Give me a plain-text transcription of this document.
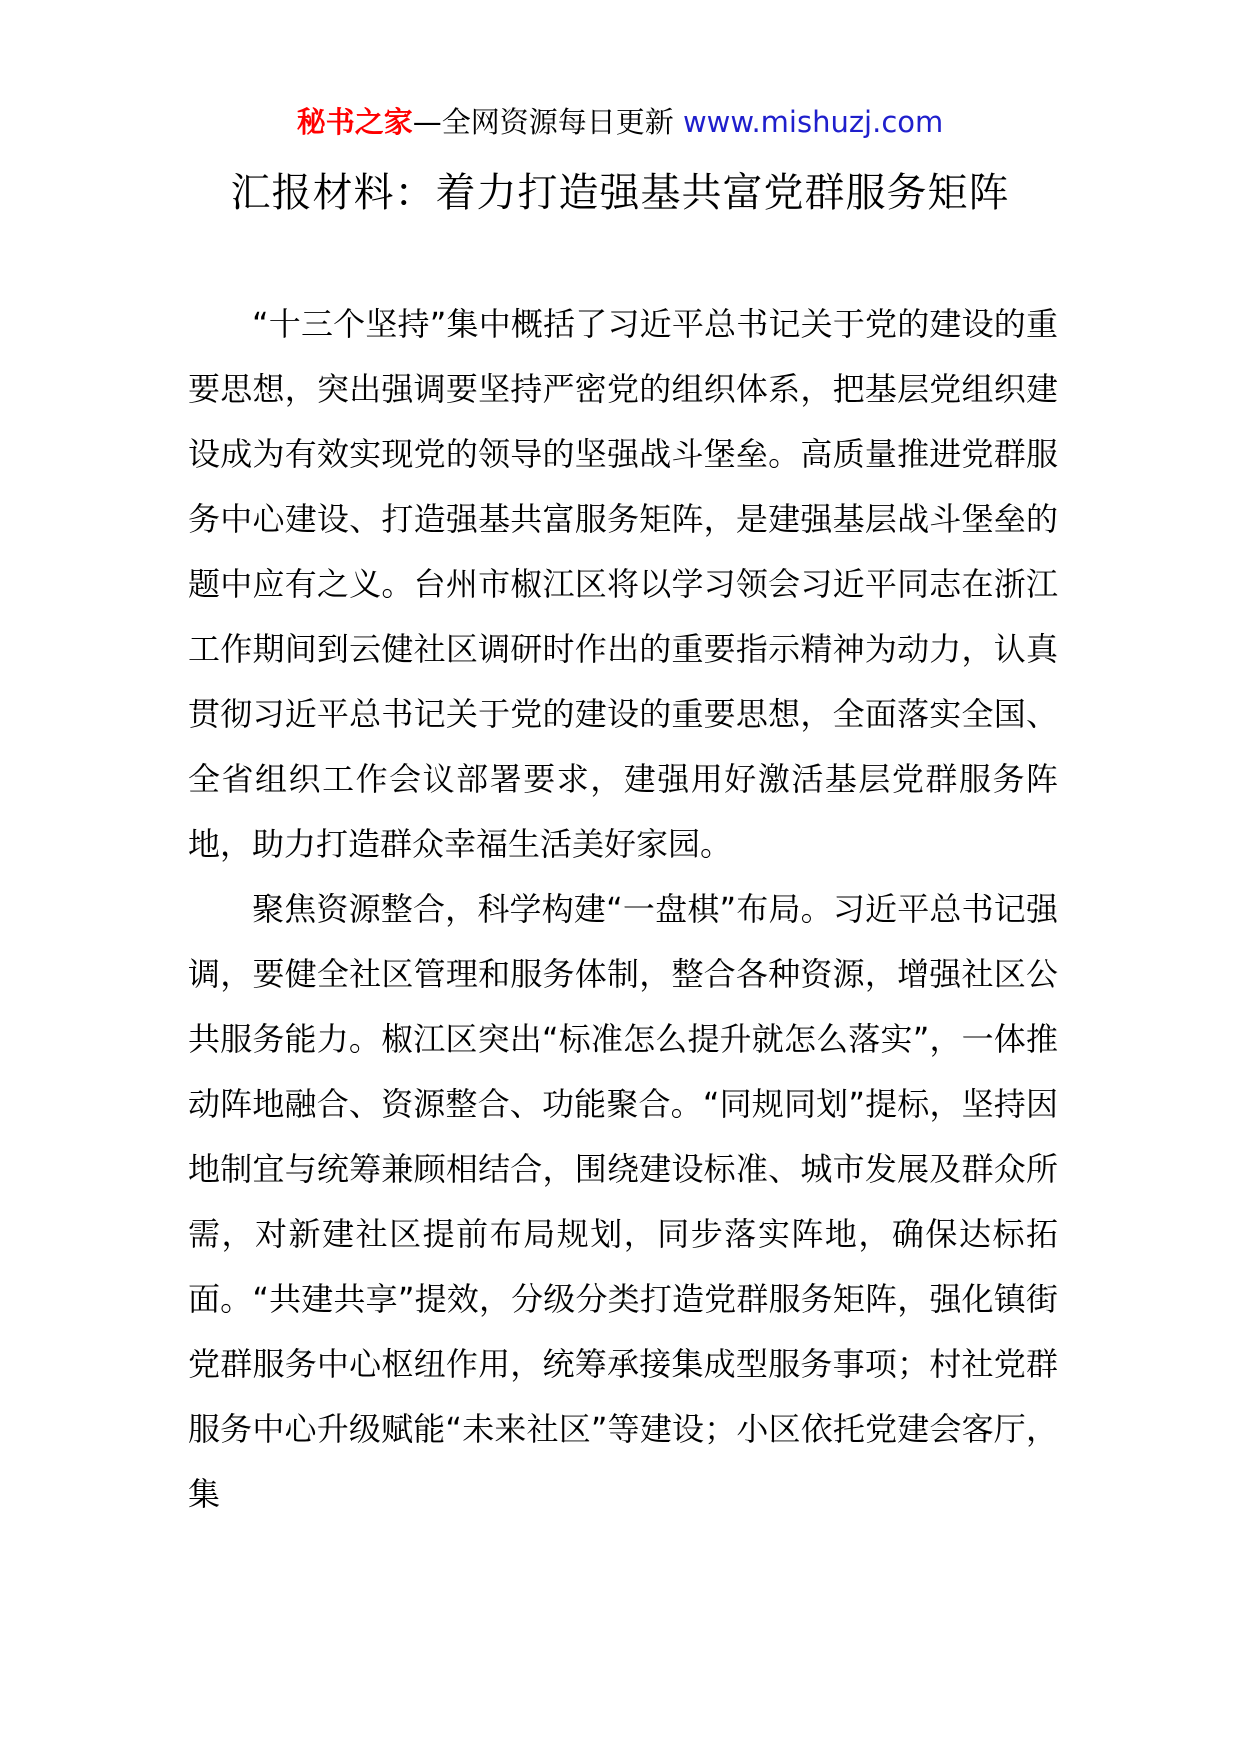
秘书之家—全网资源每日更新 www.mishuzj.com
汇报材料：着力打造强基共富党群服务矩阵

“十三个坚持”集中概括了习近平总书记关于党的建设的重要思想，突出强调要坚持严密党的组织体系，把基层党组织建设成为有效实现党的领导的坚强战斗堡垒。高质量推进党群服务中心建设、打造强基共富服务矩阵，是建强基层战斗堡垒的题中应有之义。台州市椒江区将以学习领会习近平同志在浙江工作期间到云健社区调研时作出的重要指示精神为动力，认真贯彻习近平总书记关于党的建设的重要思想，全面落实全国、全省组织工作会议部署要求，建强用好激活基层党群服务阵地，助力打造群众幸福生活美好家园。

聚焦资源整合，科学构建“一盘棋”布局。习近平总书记强调，要健全社区管理和服务体制，整合各种资源，增强社区公共服务能力。椒江区突出“标准怎么提升就怎么落实”，一体推动阵地融合、资源整合、功能聚合。“同规同划”提标，坚持因地制宜与统筹兼顾相结合，围绕建设标准、城市发展及群众所需，对新建社区提前布局规划，同步落实阵地，确保达标拓面。“共建共享”提效，分级分类打造党群服务矩阵，强化镇街党群服务中心枢纽作用，统筹承接集成型服务事项；村社党群服务中心升级赋能“未来社区”等建设；小区依托党建会客厅，集
